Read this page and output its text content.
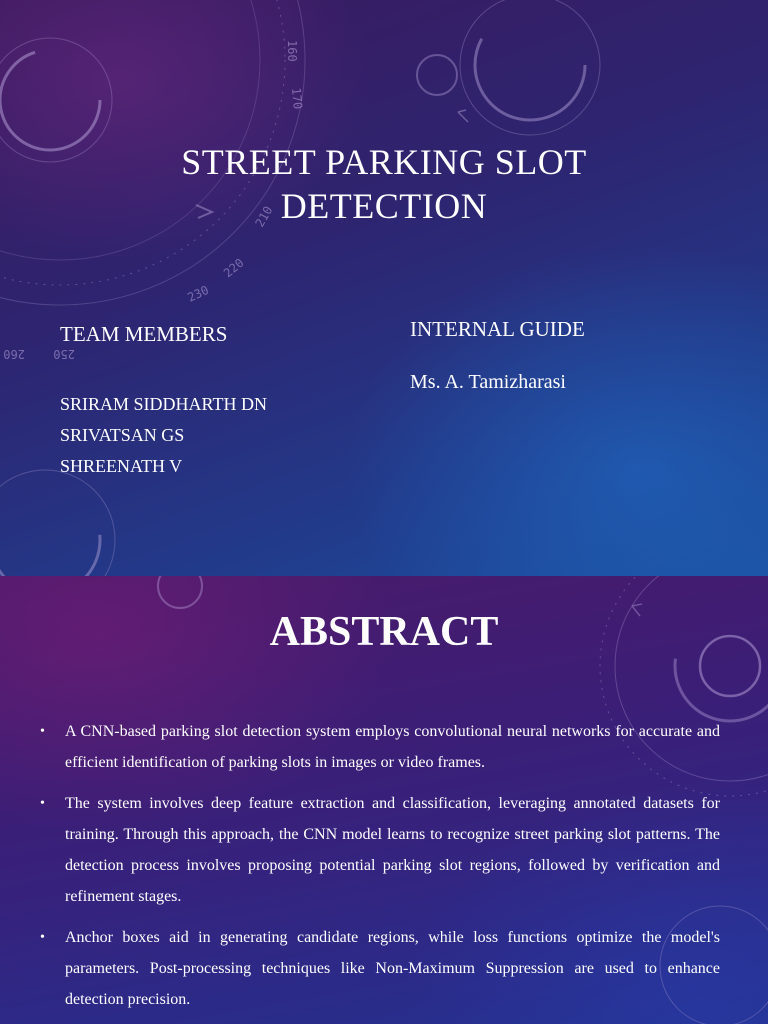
160
170
210
220
230
250
260
STREET PARKING SLOT DETECTION
TEAM MEMBERS
SRIRAM SIDDHARTH DN
SRIVATSAN GS
SHREENATH V
INTERNAL GUIDE
Ms. A. Tamizharasi
ABSTRACT
• A CNN-based parking slot detection system employs convolutional neural networks for accurate and efficient identification of parking slots in images or video frames.
• The system involves deep feature extraction and classification, leveraging annotated datasets for training. Through this approach, the CNN model learns to recognize street parking slot patterns. The detection process involves proposing potential parking slot regions, followed by verification and refinement stages.
• Anchor boxes aid in generating candidate regions, while loss functions optimize the model's parameters. Post-processing techniques like Non-Maximum Suppression are used to enhance detection precision.
